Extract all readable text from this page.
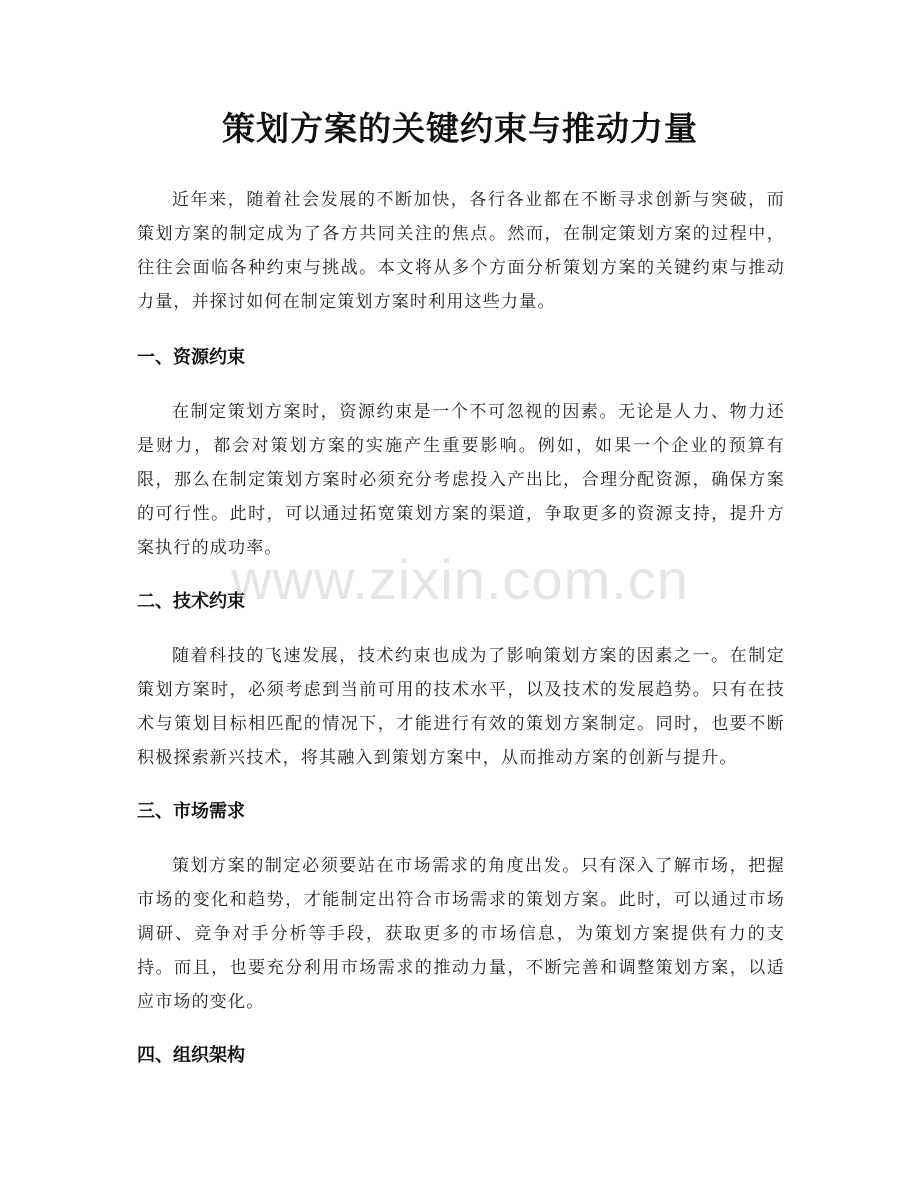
策划方案的关键约束与推动力量

近年来，随着社会发展的不断加快，各行各业都在不断寻求创新与突破，而策划方案的制定成为了各方共同关注的焦点。然而，在制定策划方案的过程中，往往会面临各种约束与挑战。本文将从多个方面分析策划方案的关键约束与推动力量，并探讨如何在制定策划方案时利用这些力量。

一、资源约束

在制定策划方案时，资源约束是一个不可忽视的因素。无论是人力、物力还是财力，都会对策划方案的实施产生重要影响。例如，如果一个企业的预算有限，那么在制定策划方案时必须充分考虑投入产出比，合理分配资源，确保方案的可行性。此时，可以通过拓宽策划方案的渠道，争取更多的资源支持，提升方案执行的成功率。

二、技术约束

随着科技的飞速发展，技术约束也成为了影响策划方案的因素之一。在制定策划方案时，必须考虑到当前可用的技术水平，以及技术的发展趋势。只有在技术与策划目标相匹配的情况下，才能进行有效的策划方案制定。同时，也要不断积极探索新兴技术，将其融入到策划方案中，从而推动方案的创新与提升。

三、市场需求

策划方案的制定必须要站在市场需求的角度出发。只有深入了解市场，把握市场的变化和趋势，才能制定出符合市场需求的策划方案。此时，可以通过市场调研、竞争对手分析等手段，获取更多的市场信息，为策划方案提供有力的支持。而且，也要充分利用市场需求的推动力量，不断完善和调整策划方案，以适应市场的变化。

四、组织架构
www.zixin.com.cn
